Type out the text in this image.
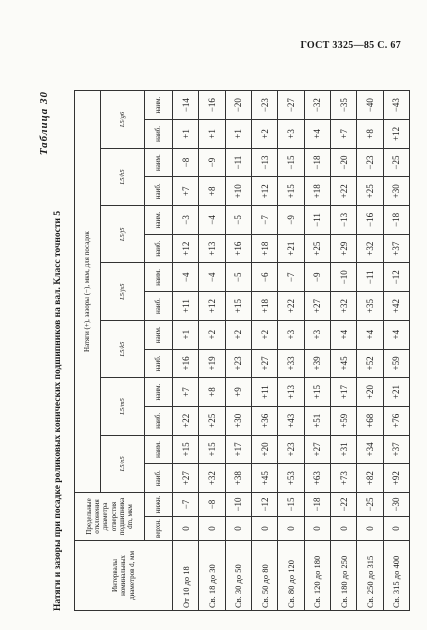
ГОСТ 3325—85 С. 67
Таблица 30
Натяги и зазоры при посадке роликовых конических подшипников на вал. Класс точности 5	Интервалы номинальных диаметров d, мм	Предельные отклонения диаметра отверстия подшипника dm, мкм		Натяги (+), зазоры (−), мкм, для посадок													
			L5/n5		L5/m5		L5/k5		L5/js5		L5/j5		L5/h5		L5/g6	
	верхн.	нижн.	наиб.	наим.	наиб.	наим.	наиб.	наим.	наиб.	наим.	наиб.	наим.	наиб.	наим.	наиб.	наим.
От 10 до 18	0	−7	+27	+15	+22	+7	+16	+1	+11	−4	+12	−3	+7	−8	+1	−14
Св. 18 до 30	0	−8	+32	+15	+25	+8	+19	+2	+12	−4	+13	−4	+8	−9	+1	−16
Св. 30 до 50	0	−10	+38	+17	+30	+9	+23	+2	+15	−5	+16	−5	+10	−11	+1	−20
Св. 50 до 80	0	−12	+45	+20	+36	+11	+27	+2	+18	−6	+18	−7	+12	−13	+2	−23
Св. 80 до 120	0	−15	+53	+23	+43	+13	+33	+3	+22	−7	+21	−9	+15	−15	+3	−27
Св. 120 до 180	0	−18	+63	+27	+51	+15	+39	+3	+27	−9	+25	−11	+18	−18	+4	−32
Св. 180 до 250	0	−22	+73	+31	+59	+17	+45	+4	+32	−10	+29	−13	+22	−20	+7	−35
Св. 250 до 315	0	−25	+82	+34	+68	+20	+52	+4	+35	−11	+32	−16	+25	−23	+8	−40
Св. 315 до 400	0	−30	+92	+37	+76	+21	+59	+4	+42	−12	+37	−18	+30	−25	+12	−43
